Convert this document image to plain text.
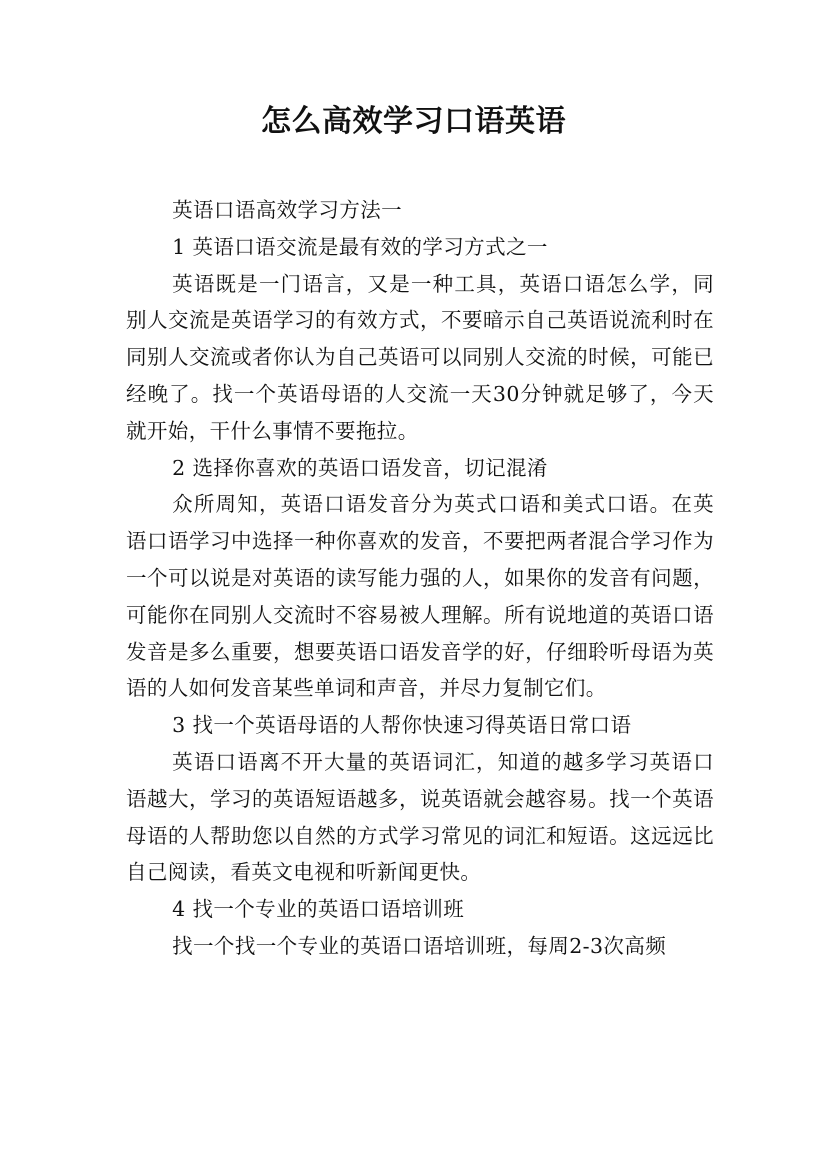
怎么高效学习口语英语

英语口语高效学习方法一

1 英语口语交流是最有效的学习方式之一

英语既是一门语言，又是一种工具，英语口语怎么学，同别人交流是英语学习的有效方式，不要暗示自己英语说流利时在同别人交流或者你认为自己英语可以同别人交流的时候，可能已经晚了。找一个英语母语的人交流一天30分钟就足够了，今天就开始，干什么事情不要拖拉。

2 选择你喜欢的英语口语发音，切记混淆

众所周知，英语口语发音分为英式口语和美式口语。在英语口语学习中选择一种你喜欢的发音，不要把两者混合学习作为一个可以说是对英语的读写能力强的人，如果你的发音有问题，可能你在同别人交流时不容易被人理解。所有说地道的英语口语发音是多么重要，想要英语口语发音学的好，仔细聆听母语为英语的人如何发音某些单词和声音，并尽力复制它们。

3 找一个英语母语的人帮你快速习得英语日常口语

英语口语离不开大量的英语词汇，知道的越多学习英语口语越大，学习的英语短语越多，说英语就会越容易。找一个英语母语的人帮助您以自然的方式学习常见的词汇和短语。这远远比自己阅读，看英文电视和听新闻更快。

4 找一个专业的英语口语培训班

找一个找一个专业的英语口语培训班，每周2-3次高频
